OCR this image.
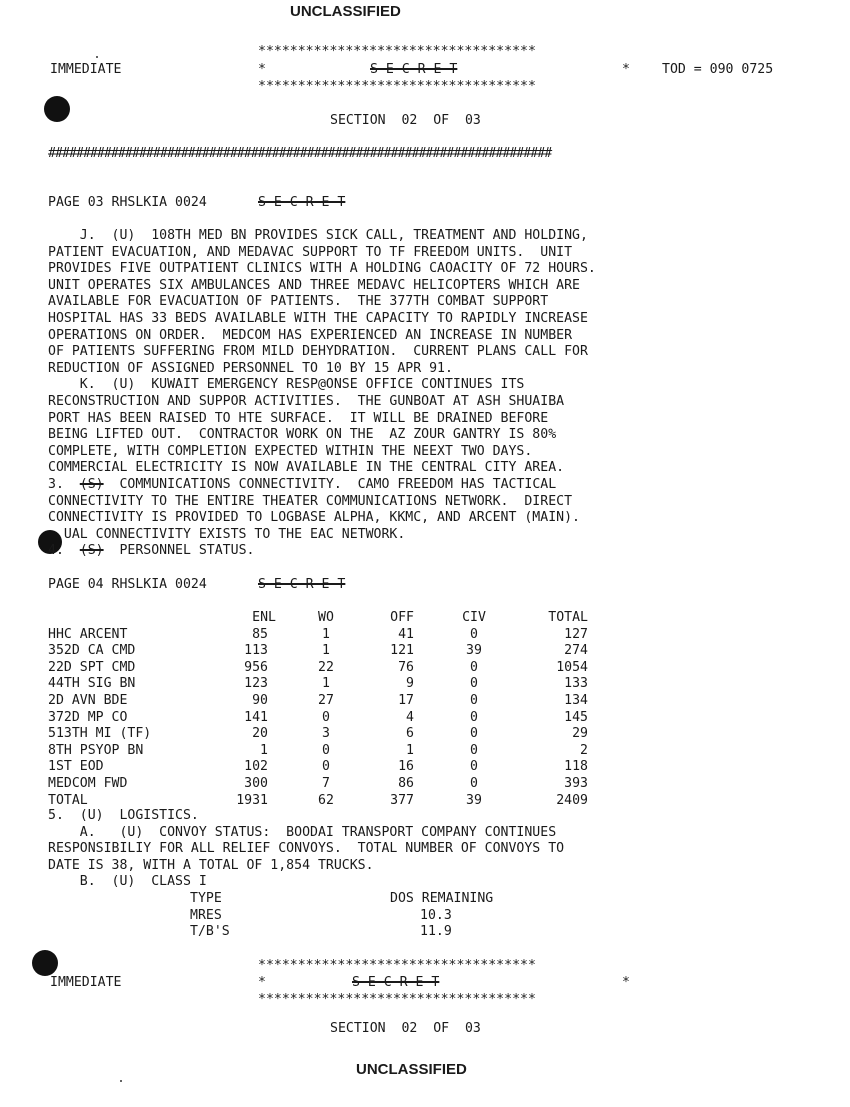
UNCLASSIFIED
***********************************
IMMEDIATE	*	S E C R E T	* TOD = 090 0725
***********************************
SECTION  02  OF  03
########################################################################
PAGE 03 RHSLKIA 0024	S E C R E T
J.  (U)  108TH MED BN PROVIDES SICK CALL, TREATMENT AND HOLDING,
PATIENT EVACUATION, AND MEDAVAC SUPPORT TO TF FREEDOM UNITS.  UNIT
PROVIDES FIVE OUTPATIENT CLINICS WITH A HOLDING CAOACITY OF 72 HOURS.
UNIT OPERATES SIX AMBULANCES AND THREE MEDAVC HELICOPTERS WHICH ARE
AVAILABLE FOR EVACUATION OF PATIENTS.  THE 377TH COMBAT SUPPORT
HOSPITAL HAS 33 BEDS AVAILABLE WITH THE CAPACITY TO RAPIDLY INCREASE
OPERATIONS ON ORDER.  MEDCOM HAS EXPERIENCED AN INCREASE IN NUMBER
OF PATIENTS SUFFERING FROM MILD DEHYDRATION.  CURRENT PLANS CALL FOR
REDUCTION OF ASSIGNED PERSONNEL TO 10 BY 15 APR 91.
K.  (U)  KUWAIT EMERGENCY RESP@ONSE OFFICE CONTINUES ITS
RECONSTRUCTION AND SUPPOR ACTIVITIES.  THE GUNBOAT AT ASH SHUAIBA
PORT HAS BEEN RAISED TO HTE SURFACE.  IT WILL BE DRAINED BEFORE
BEING LIFTED OUT.  CONTRACTOR WORK ON THE  AZ ZOUR GANTRY IS 80%
COMPLETE, WITH COMPLETION EXPECTED WITHIN THE NEEXT TWO DAYS.
COMMERCIAL ELECTRICITY IS NOW AVAILABLE IN THE CENTRAL CITY AREA.
3.  (S)  COMMUNICATIONS CONNECTIVITY.  CAMO FREEDOM HAS TACTICAL
CONNECTIVITY TO THE ENTIRE THEATER COMMUNICATIONS NETWORK.  DIRECT
CONNECTIVITY IS PROVIDED TO LOGBASE ALPHA, KKMC, AND ARCENT (MAIN).
UAL CONNECTIVITY EXISTS TO THE EAC NETWORK.
4.  (S)  PERSONNEL STATUS.
PAGE 04 RHSLKIA 0024	S E C R E T
ENL	WO	OFF	CIV	TOTAL
HHC ARCENT	85	1	41	0	127
352D CA CMD	113	1	121	39	274
22D SPT CMD	956	22	76	0	1054
44TH SIG BN	123	1	9	0	133
2D AVN BDE	90	27	17	0	134
372D MP CO	141	0	4	0	145
513TH MI (TF)	20	3	6	0	29
8TH PSYOP BN	1	0	1	0	2
1ST EOD	102	0	16	0	118
MEDCOM FWD	300	7	86	0	393
TOTAL	1931	62	377	39	2409
5.  (U)  LOGISTICS.
A.   (U)  CONVOY STATUS:  BOODAI TRANSPORT COMPANY CONTINUES
RESPONSIBILIY FOR ALL RELIEF CONVOYS.  TOTAL NUMBER OF CONVOYS TO
DATE IS 38, WITH A TOTAL OF 1,854 TRUCKS.
B.  (U)  CLASS I
TYPE	DOS REMAINING
MRES	10.3
T/B'S	11.9
***********************************
IMMEDIATE	*	S E C R E T	*
***********************************
SECTION  02  OF  03
UNCLASSIFIED
